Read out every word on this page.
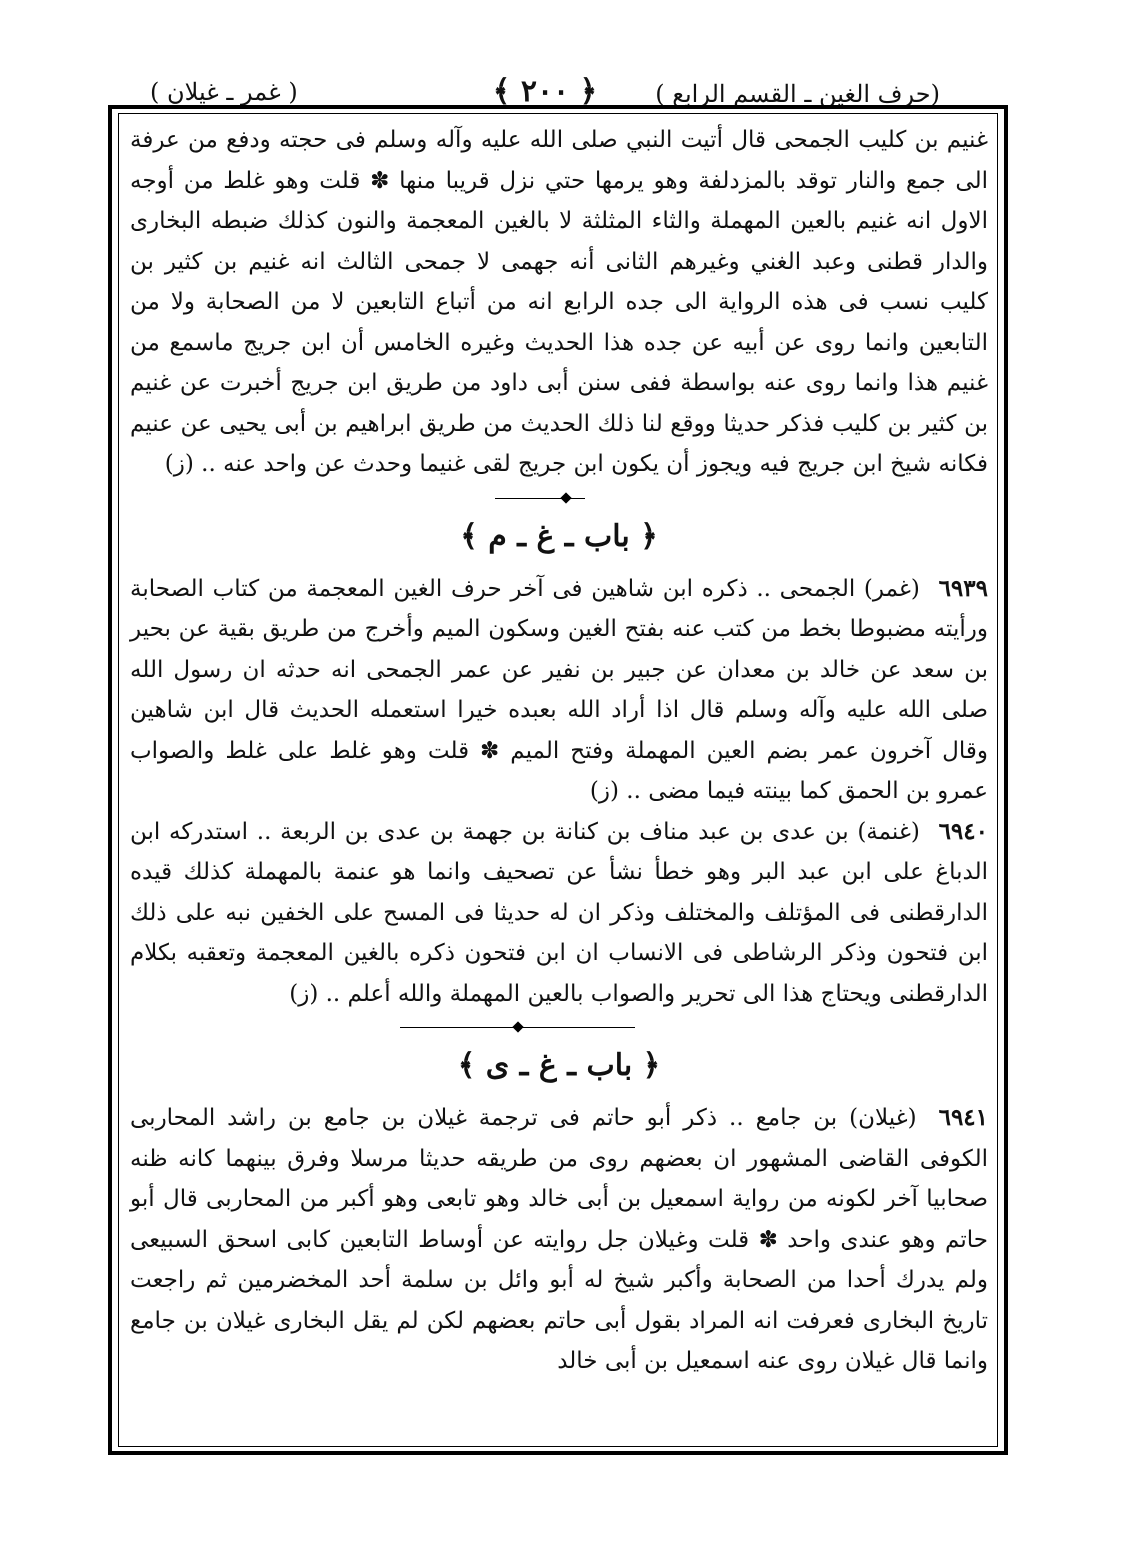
(حرف الغين ـ القسم الرابع )
﴿ ٢٠٠ ﴾
( غمر ـ غيلان )

غنيم بن كليب الجمحى قال أتيت النبي صلى الله عليه وآله وسلم فى حجته ودفع من عرفة الى جمع والنار توقد بالمزدلفة وهو يرمها حتي نزل قريبا منها ✽ قلت وهو غلط من أوجه الاول انه غنيم بالعين المهملة والثاء المثلثة لا بالغين المعجمة والنون كذلك ضبطه البخارى والدار قطنى وعبد الغني وغيرهم الثانى أنه جهمى لا جمحى الثالث انه غنيم بن كثير بن كليب نسب فى هذه الرواية الى جده الرابع انه من أتباع التابعين لا من الصحابة ولا من التابعين وانما روى عن أبيه عن جده هذا الحديث وغيره الخامس أن ابن جريج ماسمع من غنيم هذا وانما روى عنه بواسطة ففى سنن أبى داود من طريق ابن جريج أخبرت عن غنيم بن كثير بن كليب فذكر حديثا ووقع لنا ذلك الحديث من طريق ابراهيم بن أبى يحيى عن عنيم فكانه شيخ ابن جريج فيه ويجوز أن يكون ابن جريج لقى غنيما وحدث عن واحد عنه .. (ز)

﴿ باب ـ غ ـ م ﴾

٦٩٣٩ (غمر) الجمحى .. ذكره ابن شاهين فى آخر حرف الغين المعجمة من كتاب الصحابة ورأيته مضبوطا بخط من كتب عنه بفتح الغين وسكون الميم وأخرج من طريق بقية عن بحير بن سعد عن خالد بن معدان عن جبير بن نفير عن عمر الجمحى انه حدثه ان رسول الله صلى الله عليه وآله وسلم قال اذا أراد الله بعبده خيرا استعمله الحديث قال ابن شاهين وقال آخرون عمر بضم العين المهملة وفتح الميم ✽ قلت وهو غلط على غلط والصواب عمرو بن الحمق كما بينته فيما مضى .. (ز)

٦٩٤٠ (غنمة) بن عدى بن عبد مناف بن كنانة بن جهمة بن عدى بن الربعة .. استدركه ابن الدباغ على ابن عبد البر وهو خطأ نشأ عن تصحيف وانما هو عنمة بالمهملة كذلك قيده الدارقطنى فى المؤتلف والمختلف وذكر ان له حديثا فى المسح على الخفين نبه على ذلك ابن فتحون وذكر الرشاطى فى الانساب ان ابن فتحون ذكره بالغين المعجمة وتعقبه بكلام الدارقطنى ويحتاج هذا الى تحرير والصواب بالعين المهملة والله أعلم .. (ز)

﴿ باب ـ غ ـ ى ﴾

٦٩٤١ (غيلان) بن جامع .. ذكر أبو حاتم فى ترجمة غيلان بن جامع بن راشد المحاربى الكوفى القاضى المشهور ان بعضهم روى من طريقه حديثا مرسلا وفرق بينهما كانه ظنه صحابيا آخر لكونه من رواية اسمعيل بن أبى خالد وهو تابعى وهو أكبر من المحاربى قال أبو حاتم وهو عندى واحد ✽ قلت وغيلان جل روايته عن أوساط التابعين كابى اسحق السبيعى ولم يدرك أحدا من الصحابة وأكبر شيخ له أبو وائل بن سلمة أحد المخضرمين ثم راجعت تاريخ البخارى فعرفت انه المراد بقول أبى حاتم بعضهم لكن لم يقل البخارى غيلان بن جامع وانما قال غيلان روى عنه اسمعيل بن أبى خالد
